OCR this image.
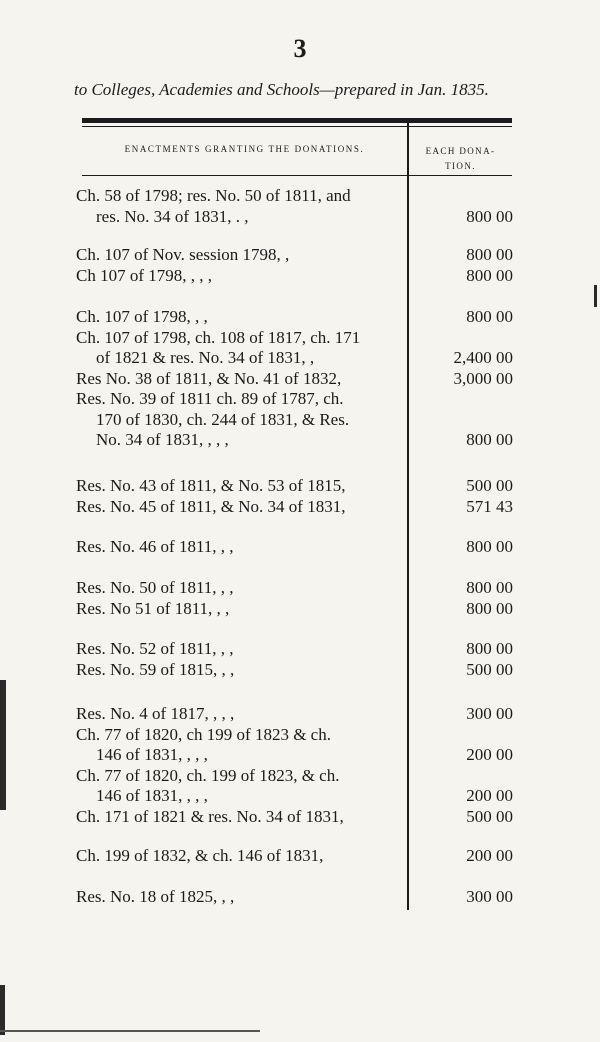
3
to Colleges, Academies and Schools—prepared in Jan. 1835.
ENACTMENTS GRANTING THE DONATIONS.	EACH DONA-
TION.
Ch. 58 of 1798; res. No. 50 of 1811, and
res. No. 34 of 1831, . ,	800 00
Ch. 107 of Nov. session 1798, ,	800 00
Ch 107 of 1798, , , ,	800 00
Ch. 107 of 1798, , ,	800 00
Ch. 107 of 1798, ch. 108 of 1817, ch. 171
of 1821 & res. No. 34 of 1831, ,	2,400 00
Res No. 38 of 1811, & No. 41 of 1832,	3,000 00
Res. No. 39 of 1811 ch. 89 of 1787, ch.
170 of 1830, ch. 244 of 1831, & Res.
No. 34 of 1831, , , ,	800 00
Res. No. 43 of 1811, & No. 53 of 1815,	500 00
Res. No. 45 of 1811, & No. 34 of 1831,	571 43
Res. No. 46 of 1811, , ,	800 00
Res. No. 50 of 1811, , ,	800 00
Res. No 51 of 1811, , ,	800 00
Res. No. 52 of 1811, , ,	800 00
Res. No. 59 of 1815, , ,	500 00
Res. No. 4 of 1817, , , ,	300 00
Ch. 77 of 1820, ch 199 of 1823 & ch.
146 of 1831, , , ,	200 00
Ch. 77 of 1820, ch. 199 of 1823, & ch.
146 of 1831, , , ,	200 00
Ch. 171 of 1821 & res. No. 34 of 1831,	500 00
Ch. 199 of 1832, & ch. 146 of 1831,	200 00
Res. No. 18 of 1825, , ,	300 00
